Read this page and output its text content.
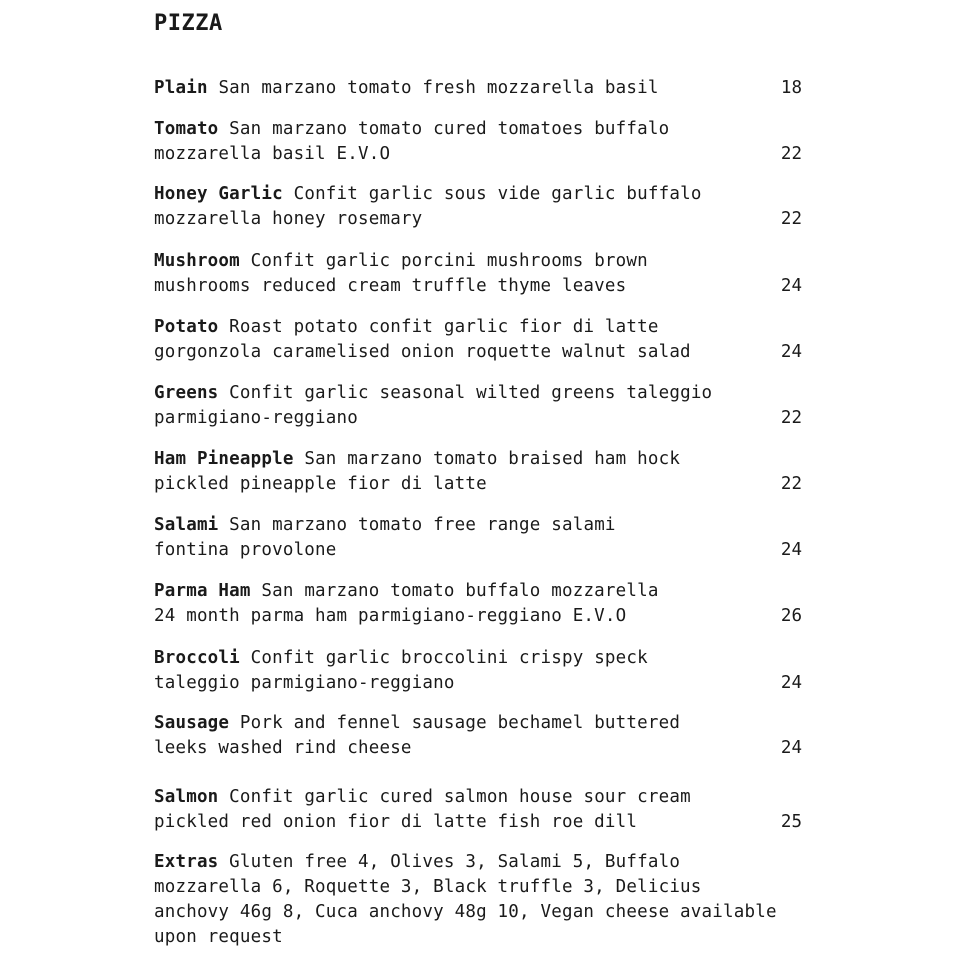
PIZZA
Plain San marzano tomato fresh mozzarella basil	18
Tomato San marzano tomato cured tomatoes buffalo
mozzarella basil E.V.O	22
Honey Garlic Confit garlic sous vide garlic buffalo
mozzarella honey rosemary	22
Mushroom Confit garlic porcini mushrooms brown
mushrooms reduced cream truffle thyme leaves	24
Potato Roast potato confit garlic fior di latte
gorgonzola caramelised onion roquette walnut salad	24
Greens Confit garlic seasonal wilted greens taleggio
parmigiano-reggiano	22
Ham Pineapple San marzano tomato braised ham hock
pickled pineapple fior di latte	22
Salami San marzano tomato free range salami
fontina provolone	24
Parma Ham San marzano tomato buffalo mozzarella
24 month parma ham parmigiano-reggiano E.V.O	26
Broccoli Confit garlic broccolini crispy speck
taleggio parmigiano-reggiano	24
Sausage Pork and fennel sausage bechamel buttered
leeks washed rind cheese	24
Salmon Confit garlic cured salmon house sour cream
pickled red onion fior di latte fish roe dill	25
Extras Gluten free 4, Olives 3, Salami 5, Buffalo
mozzarella 6, Roquette 3, Black truffle 3, Delicius
anchovy 46g 8, Cuca anchovy 48g 10, Vegan cheese available
upon request
